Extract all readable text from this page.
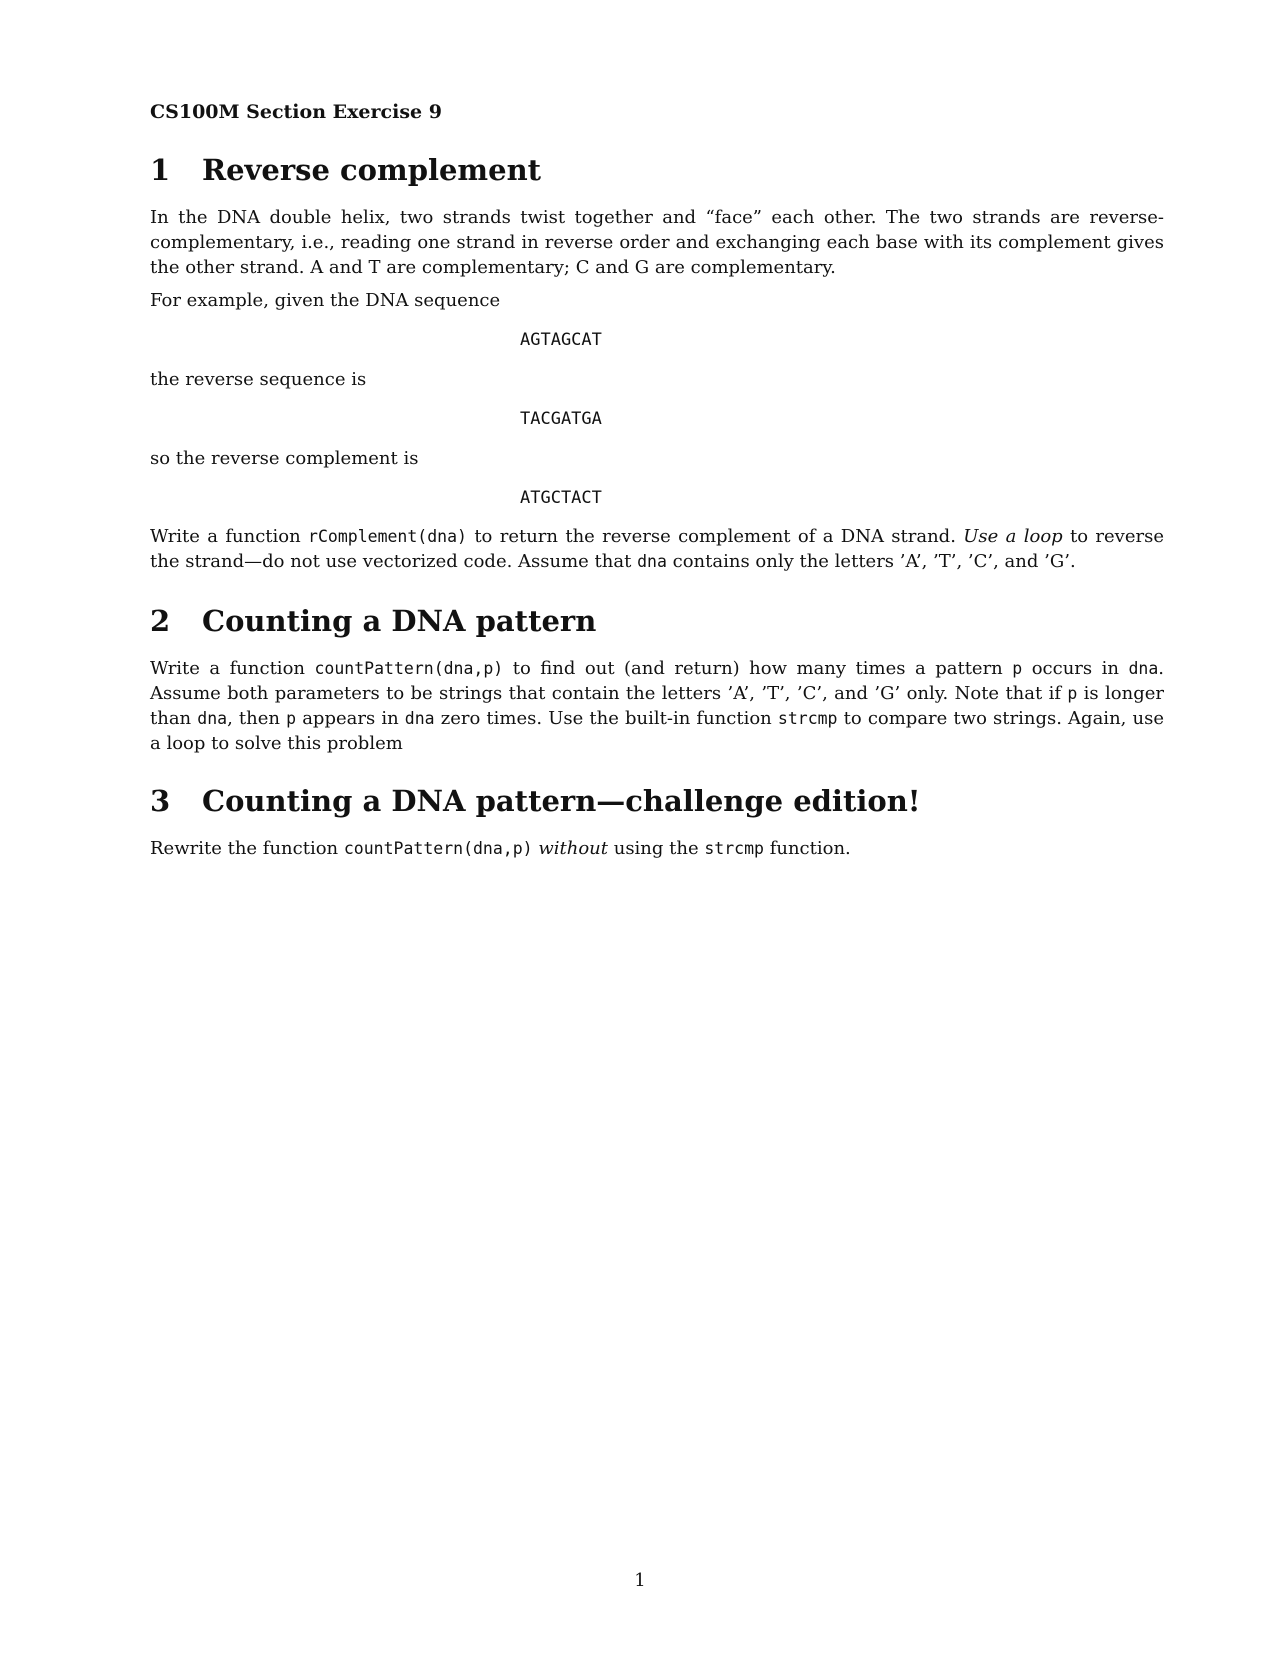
CS100M Section Exercise 9
1	Reverse complement

In the DNA double helix, two strands twist together and “face” each other. The two strands are reverse-complementary, i.e., reading one strand in reverse order and exchanging each base with its complement gives the other strand. A and T are complementary; C and G are complementary.

For example, given the DNA sequence

AGTAGCAT

the reverse sequence is

TACGATGA

so the reverse complement is

ATGCTACT

Write a function rComplement(dna) to return the reverse complement of a DNA strand. Use a loop to reverse the strand—do not use vectorized code. Assume that dna contains only the letters ’A’, ’T’, ’C’, and ’G’.

2	Counting a DNA pattern

Write a function countPattern(dna,p) to find out (and return) how many times a pattern p occurs in dna. Assume both parameters to be strings that contain the letters ’A’, ’T’, ’C’, and ’G’ only. Note that if p is longer than dna, then p appears in dna zero times. Use the built-in function strcmp to compare two strings. Again, use a loop to solve this problem

3	Counting a DNA pattern—challenge edition!

Rewrite the function countPattern(dna,p) without using the strcmp function.

1
